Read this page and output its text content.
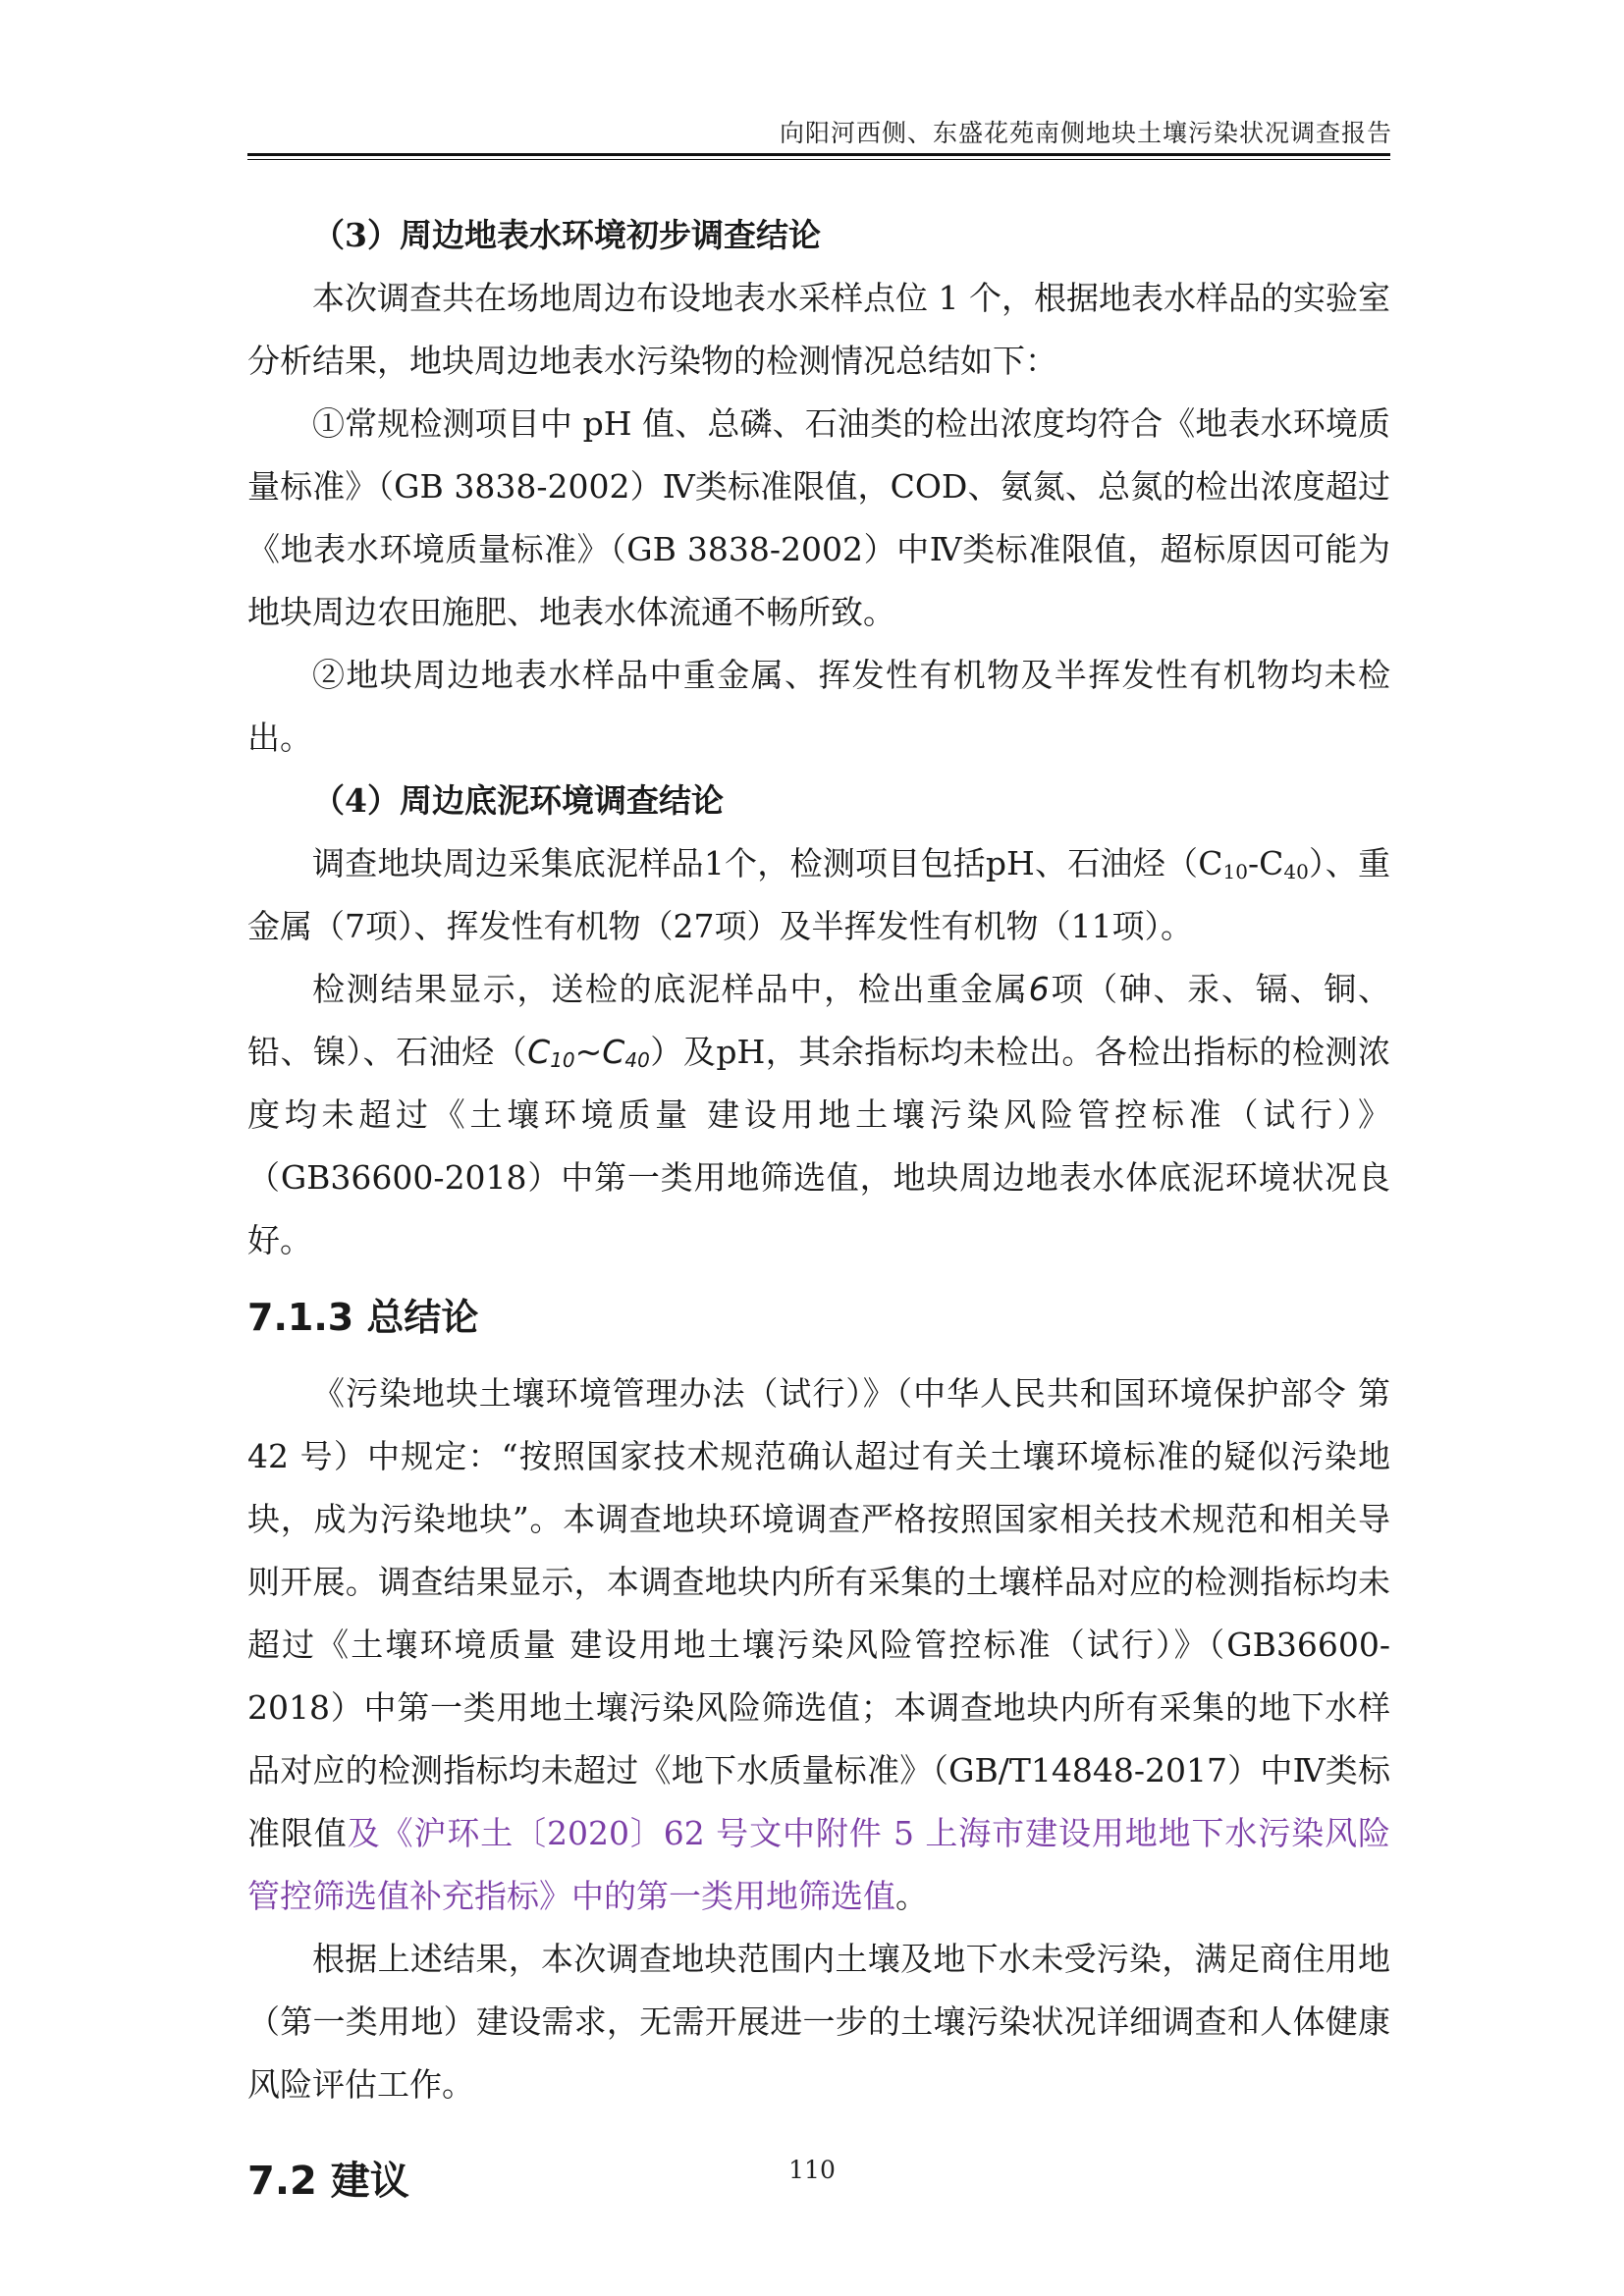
向阳河西侧、东盛花苑南侧地块土壤污染状况调查报告

（3）周边地表水环境初步调查结论

本次调查共在场地周边布设地表水采样点位 1 个，根据地表水样品的实验室分析结果，地块周边地表水污染物的检测情况总结如下：

①常规检测项目中 pH 值、总磷、石油类的检出浓度均符合《地表水环境质量标准》（GB 3838-2002）Ⅳ类标准限值，COD、氨氮、总氮的检出浓度超过《地表水环境质量标准》（GB 3838-2002）中Ⅳ类标准限值，超标原因可能为地块周边农田施肥、地表水体流通不畅所致。

②地块周边地表水样品中重金属、挥发性有机物及半挥发性有机物均未检出。

（4）周边底泥环境调查结论

调查地块周边采集底泥样品1个，检测项目包括pH、石油烃$(C_{10}-C_{40})$、重金属（7项）、挥发性有机物（27项）及半挥发性有机物（11项）。

检测结果显示，送检的底泥样品中，检出重金属6项（砷、汞、镉、铜、铅、镍）、石油烃$(C_{10}\sim C_{40})$及pH，其余指标均未检出。各检出指标的检测浓度均未超过《土壤环境质量 建设用地土壤污染风险管控标准（试行）》（GB36600-2018）中第一类用地筛选值，地块周边地表水体底泥环境状况良好。

7.1.3 总结论

《污染地块土壤环境管理办法（试行）》（中华人民共和国环境保护部令 第 42 号）中规定：“按照国家技术规范确认超过有关土壤环境标准的疑似污染地块，成为污染地块”。本调查地块环境调查严格按照国家相关技术规范和相关导则开展。调查结果显示，本调查地块内所有采集的土壤样品对应的检测指标均未超过《土壤环境质量 建设用地土壤污染风险管控标准（试行）》（GB36600-2018）中第一类用地土壤污染风险筛选值；本调查地块内所有采集的地下水样品对应的检测指标均未超过《地下水质量标准》（GB/T14848-2017）中Ⅳ类标准限值及《沪环土〔2020〕62 号文中附件 5 上海市建设用地地下水污染风险管控筛选值补充指标》中的第一类用地筛选值。

根据上述结果，本次调查地块范围内土壤及地下水未受污染，满足商住用地（第一类用地）建设需求，无需开展进一步的土壤污染状况详细调查和人体健康风险评估工作。

7.2 建议	110
